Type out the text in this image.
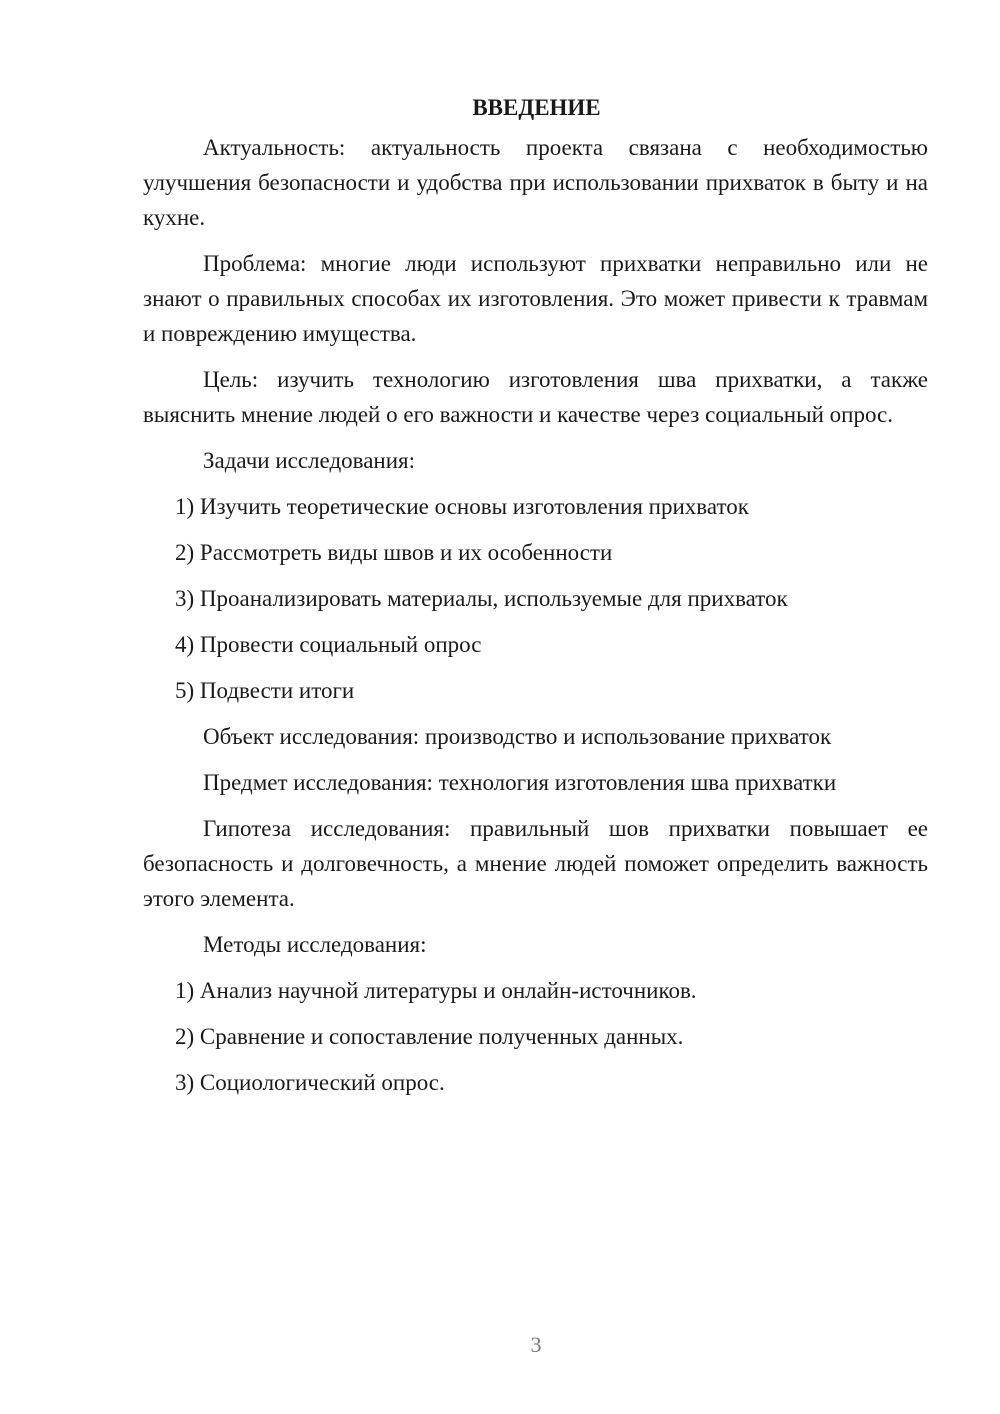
ВВЕДЕНИЕ

Актуальность: актуальность проекта связана с необходимостью улучшения безопасности и удобства при использовании прихваток в быту и на кухне.

Проблема: многие люди используют прихватки неправильно или не знают о правильных способах их изготовления. Это может привести к травмам и повреждению имущества.

Цель: изучить технологию изготовления шва прихватки, а также выяснить мнение людей о его важности и качестве через социальный опрос.

Задачи исследования:
1) Изучить теоретические основы изготовления прихваток
2) Рассмотреть виды швов и их особенности
3) Проанализировать материалы, используемые для прихваток
4) Провести социальный опрос
5) Подвести итоги
Объект исследования: производство и использование прихваток
Предмет исследования: технология изготовления шва прихватки

Гипотеза исследования: правильный шов прихватки повышает ее безопасность и долговечность, а мнение людей поможет определить важность этого элемента.

Методы исследования:
1) Анализ научной литературы и онлайн-источников.
2) Сравнение и сопоставление полученных данных.
3) Социологический опрос.
3
